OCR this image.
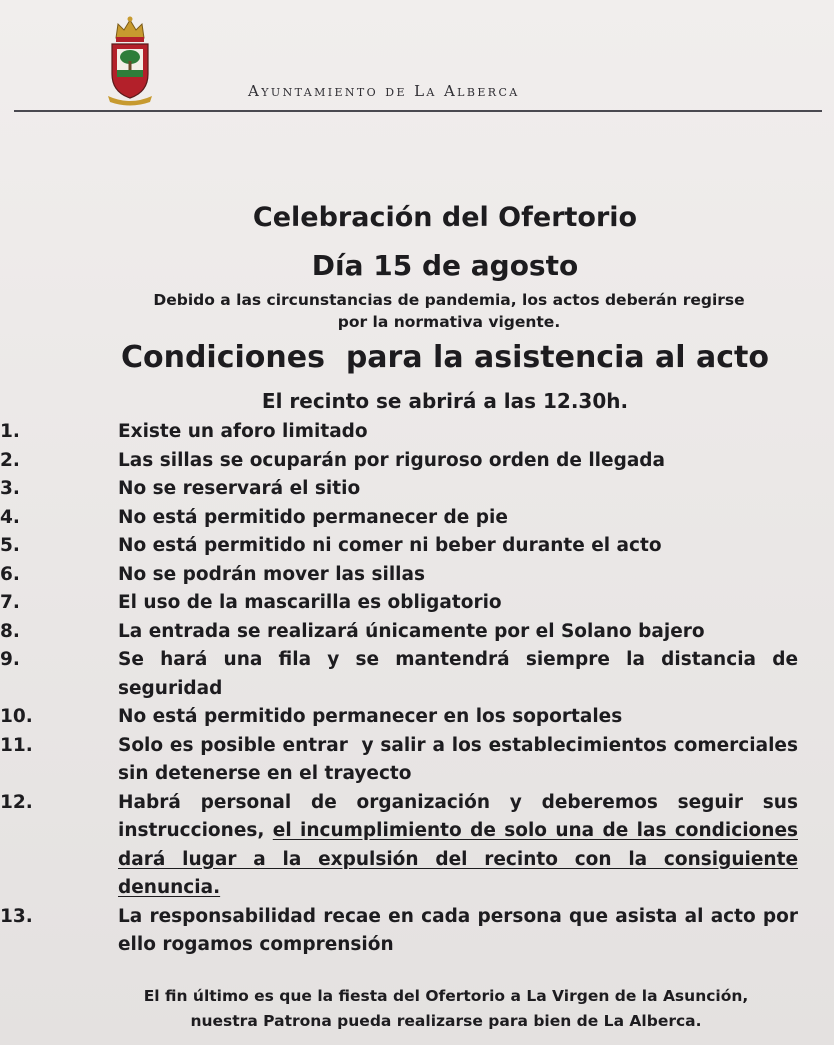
Ayuntamiento de La Alberca
Celebración del Ofertorio
Día 15 de agosto
Debido a las circunstancias de pandemia, los actos deberán regirse
por la normativa vigente.
Condiciones  para la asistencia al acto
El recinto se abrirá a las 12.30h.
1.	Existe un aforo limitado
2.	Las sillas se ocuparán por riguroso orden de llegada
3.	No se reservará el sitio
4.	No está permitido permanecer de pie
5.	No está permitido ni comer ni beber durante el acto
6.	No se podrán mover las sillas
7.	El uso de la mascarilla es obligatorio
8.	La entrada se realizará únicamente por el Solano bajero
9.	Se hará una fila y se mantendrá siempre la distancia de seguridad
10.	No está permitido permanecer en los soportales
11.	Solo es posible entrar  y salir a los establecimientos comerciales sin detenerse en el trayecto
12.	Habrá personal de organización y deberemos seguir sus instrucciones, el incumplimiento de solo una de las condiciones dará lugar a la expulsión del recinto con la consiguiente denuncia.
13.	La responsabilidad recae en cada persona que asista al acto por ello rogamos comprensión
El fin último es que la fiesta del Ofertorio a La Virgen de la Asunción,
nuestra Patrona pueda realizarse para bien de La Alberca.
